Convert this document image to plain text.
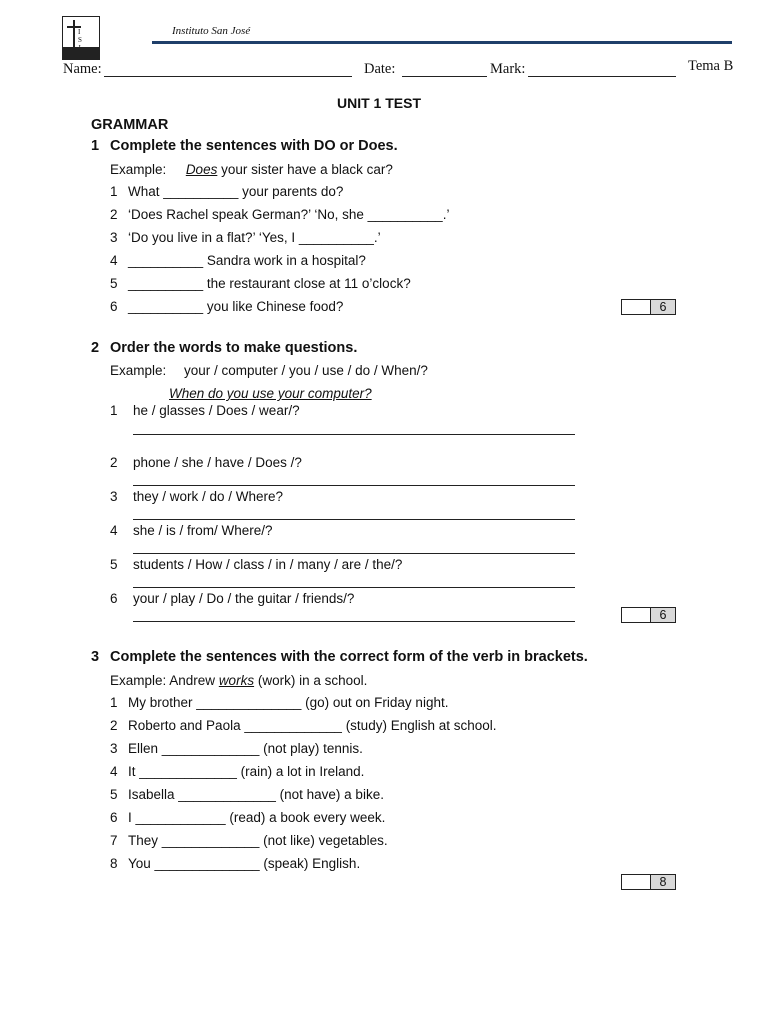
I
S

Instituto San José
Name:	Date:	Mark:	Tema B
UNIT 1 TEST
GRAMMAR
1 Complete the sentences with DO or Does.
Example: Does your sister have a black car?
1 What __________ your parents do?
2 ‘Does Rachel speak German?’ ‘No, she __________.’
3 ‘Do you live in a flat?’ ‘Yes, I __________.’
4 __________ Sandra work in a hospital?
5 __________ the restaurant close at 11 o’clock?
6 __________ you like Chinese food?	6
2 Order the words to make questions.
Example: your / computer / you / use / do / When/?
When do you use your computer?
1 he / glasses / Does / wear/?
2 phone / she / have / Does /?
3 they / work / do / Where?
4 she / is / from/ Where/?
5 students / How / class / in / many / are / the/?
6 your / play / Do / the guitar / friends/?
6
3 Complete the sentences with the correct form of the verb in brackets.
Example: Andrew works (work) in a school.
1 My brother ______________ (go) out on Friday night.
2 Roberto and Paola _____________ (study) English at school.
3 Ellen _____________ (not play) tennis.
4 It _____________ (rain) a lot in Ireland.
5 Isabella _____________ (not have) a bike.
6 I ____________ (read) a book every week.
7 They _____________ (not like) vegetables.
8 You ______________ (speak) English.
8
